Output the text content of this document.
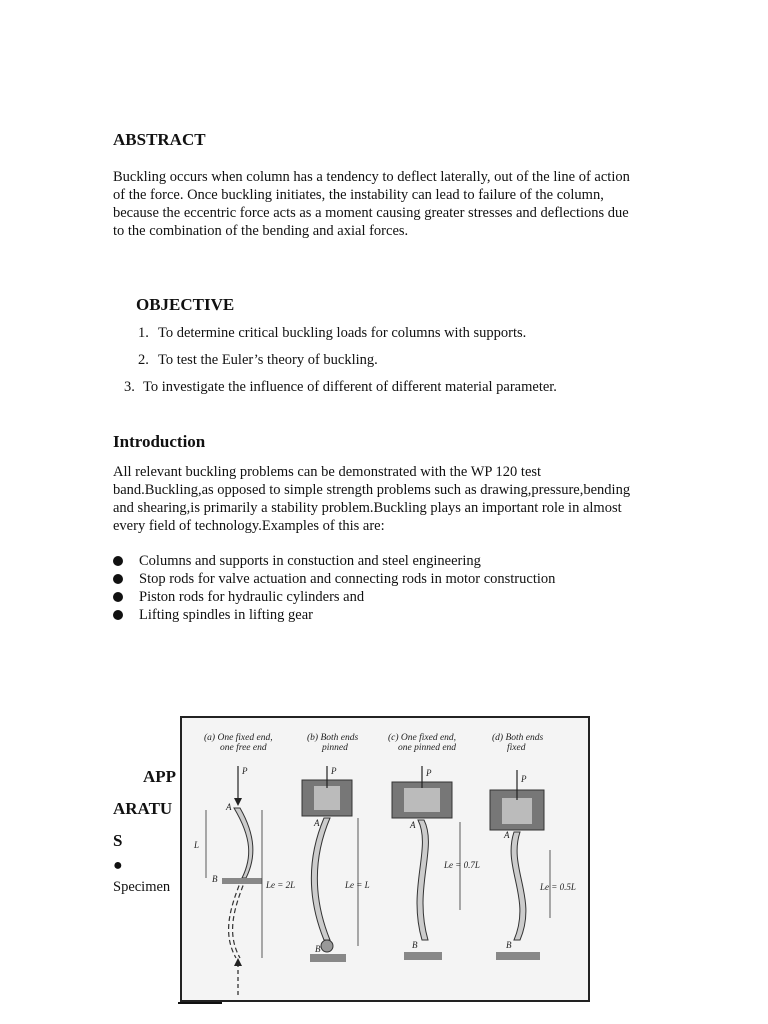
ABSTRACT

Buckling occurs when column has a tendency to deflect laterally, out of the line of action

of the force. Once buckling initiates, the instability can lead to failure of the column,

because the eccentric force acts as a moment causing greater stresses and deflections due

to the combination of the bending and axial forces.

OBJECTIVE
1. To determine critical buckling loads for columns with supports.
2. To test the Euler’s theory of buckling.
3. To investigate the influence of different of different material parameter.
Introduction

All relevant buckling problems can be demonstrated with the WP 120 test

band.Buckling,as opposed to simple strength problems such as drawing,pressure,bending

and shearing,is primarily a stability problem.Buckling plays an important role in almost

every field of technology.Examples of this are:

Columns and supports in constuction and steel engineering
Stop rods for valve actuation and connecting rods in motor construction
Piston rods for hydraulic cylinders and
Lifting spindles in lifting gear
APP
ARATU
S
●
Specimen
(a) One fixed end,
one free end
(b) Both ends
pinned
(c) One fixed end,
one pinned end
(d) Both ends
fixed
P
A
B
L
Le = 2L
P
A
B
Le = L
P
A
B
Le = 0.7L
P
A
B
Le = 0.5L
